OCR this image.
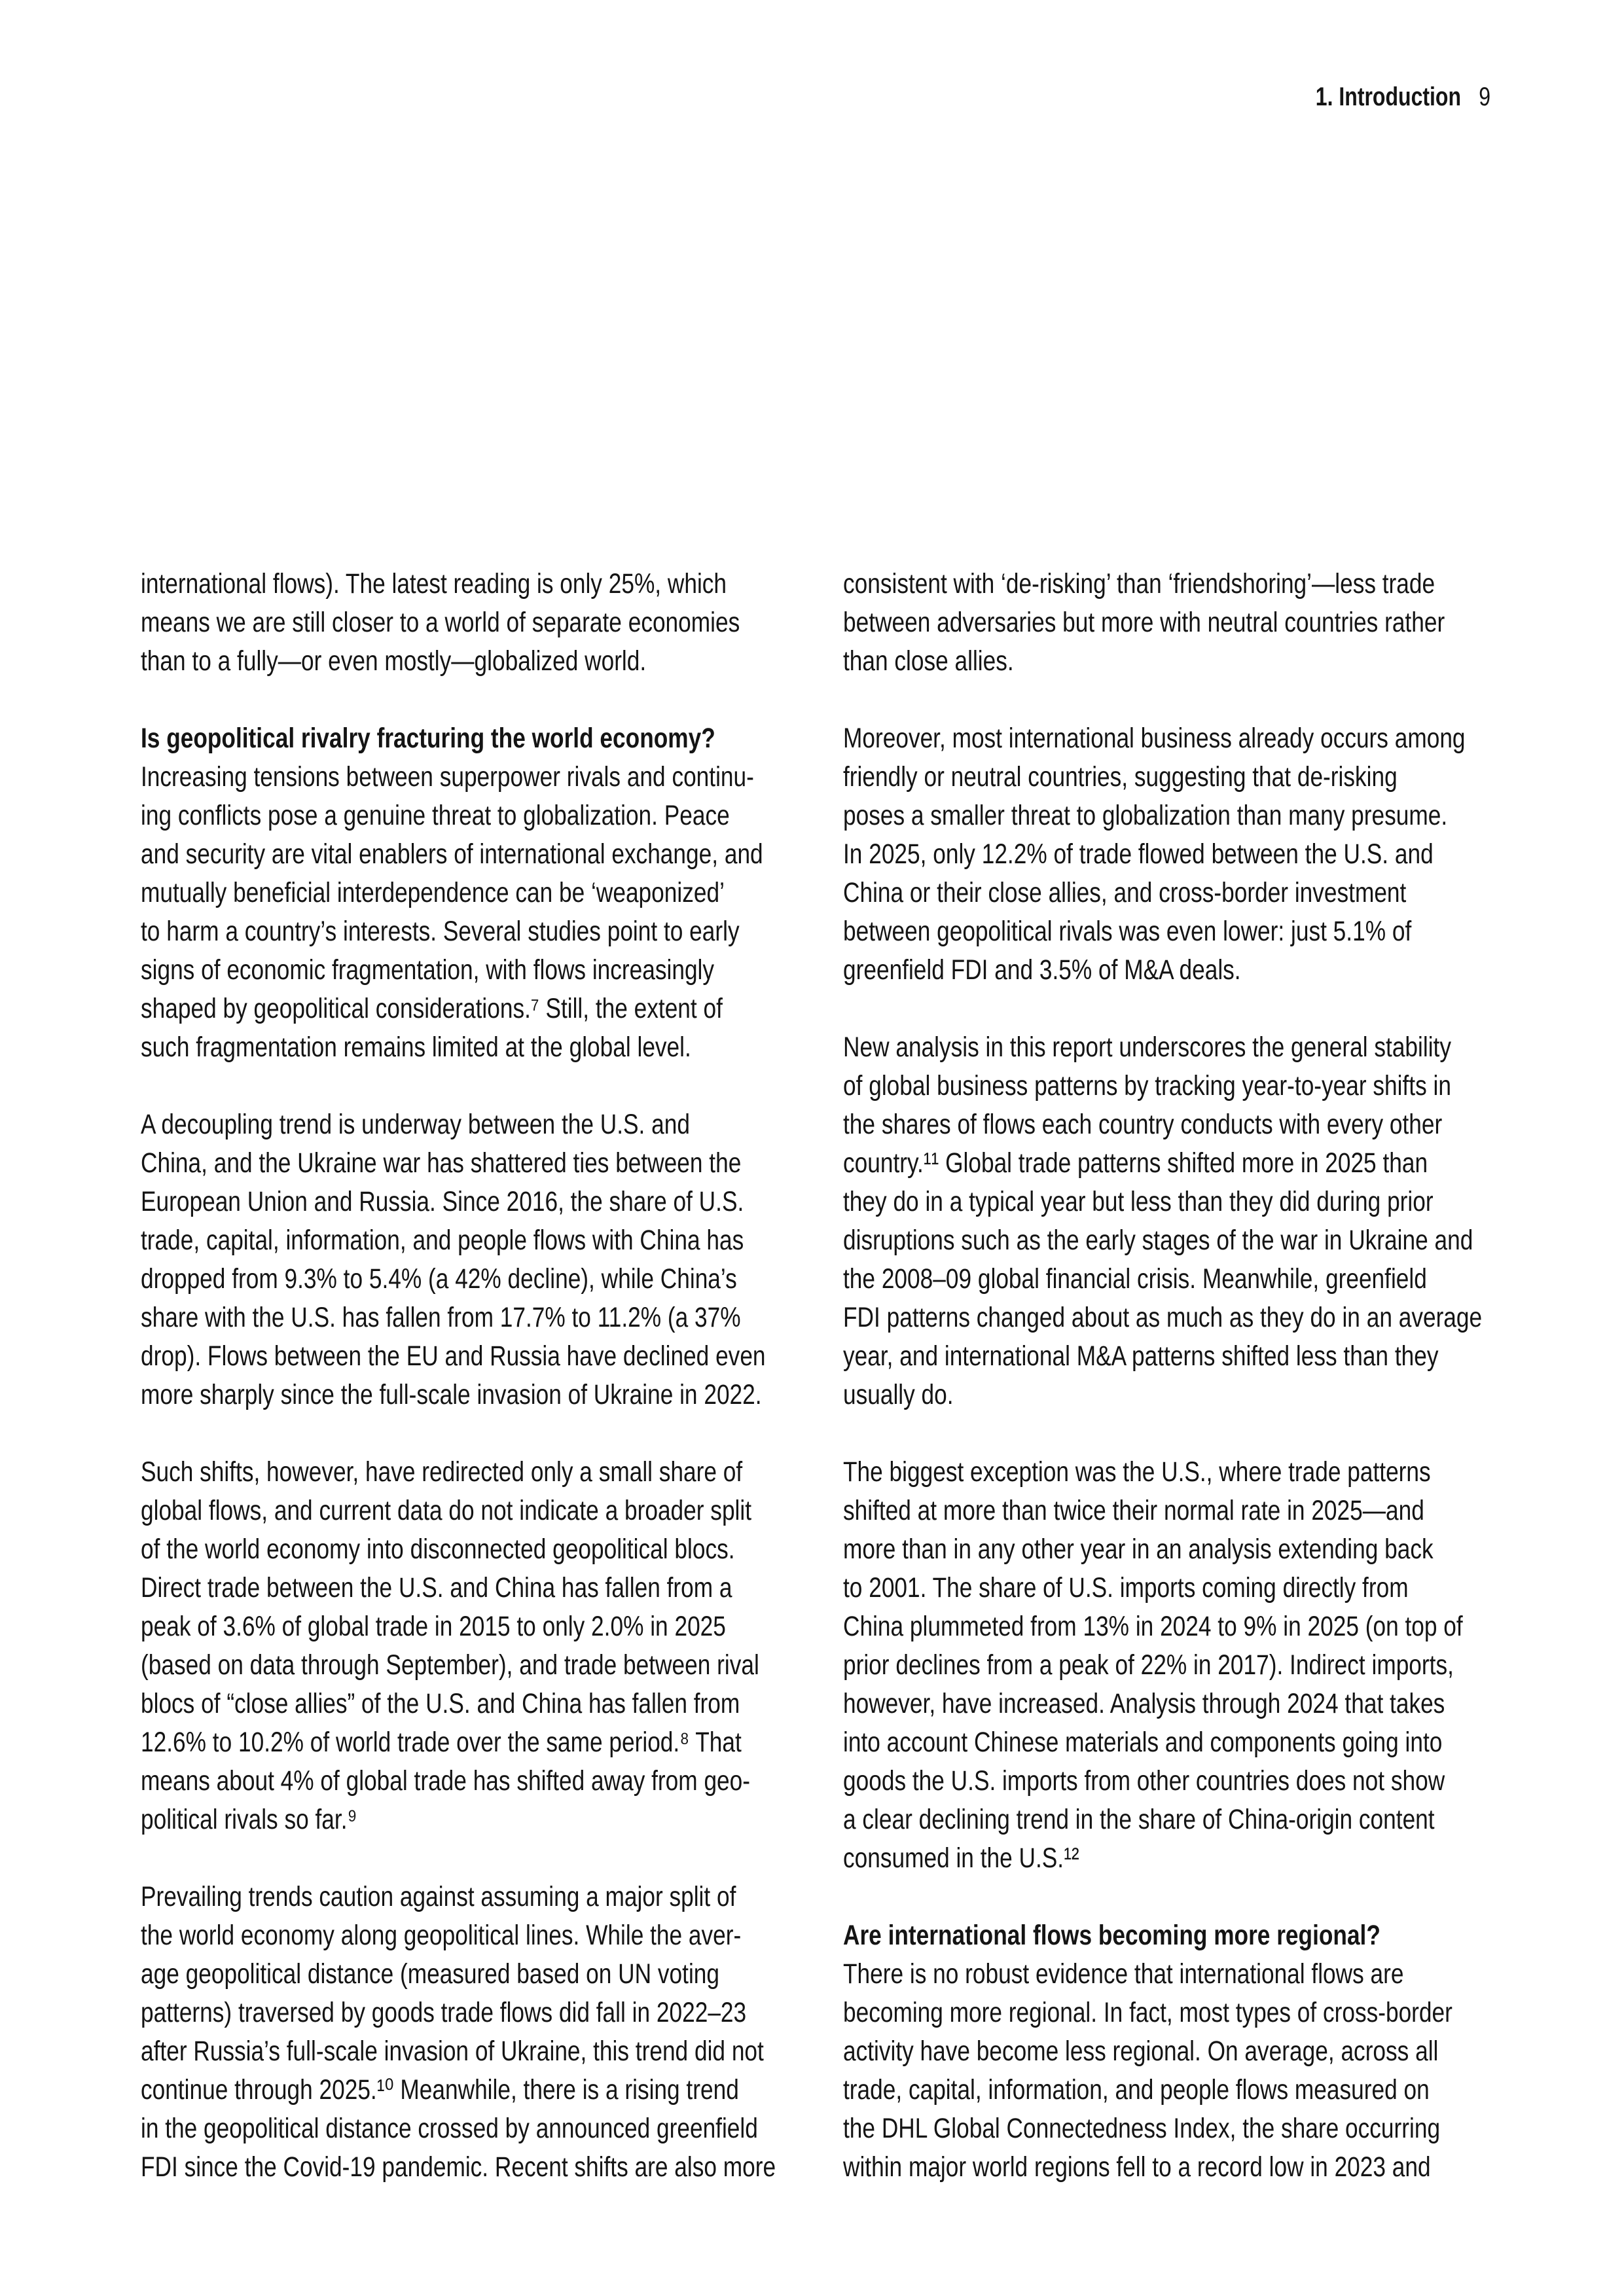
1. Introduction 9
international flows). The latest reading is only 25%, which
means we are still closer to a world of separate economies
than to a fully—or even mostly—globalized world.
Is geopolitical rivalry fracturing the world economy?
Increasing tensions between superpower rivals and continu-
ing conflicts pose a genuine threat to globalization. Peace
and security are vital enablers of international exchange, and
mutually beneficial interdependence can be ‘weaponized’
to harm a country’s interests. Several studies point to early
signs of economic fragmentation, with flows increasingly
shaped by geopolitical considerations.⁷ Still, the extent of
such fragmentation remains limited at the global level.
A decoupling trend is underway between the U.S. and
China, and the Ukraine war has shattered ties between the
European Union and Russia. Since 2016, the share of U.S.
trade, capital, information, and people flows with China has
dropped from 9.3% to 5.4% (a 42% decline), while China’s
share with the U.S. has fallen from 17.7% to 11.2% (a 37%
drop). Flows between the EU and Russia have declined even
more sharply since the full-scale invasion of Ukraine in 2022.
Such shifts, however, have redirected only a small share of
global flows, and current data do not indicate a broader split
of the world economy into disconnected geopolitical blocs.
Direct trade between the U.S. and China has fallen from a
peak of 3.6% of global trade in 2015 to only 2.0% in 2025
(based on data through September), and trade between rival
blocs of “close allies” of the U.S. and China has fallen from
12.6% to 10.2% of world trade over the same period.⁸ That
means about 4% of global trade has shifted away from geo-
political rivals so far.⁹
Prevailing trends caution against assuming a major split of
the world economy along geopolitical lines. While the aver-
age geopolitical distance (measured based on UN voting
patterns) traversed by goods trade flows did fall in 2022–23
after Russia’s full-scale invasion of Ukraine, this trend did not
continue through 2025.¹⁰ Meanwhile, there is a rising trend
in the geopolitical distance crossed by announced greenfield
FDI since the Covid-19 pandemic. Recent shifts are also more
consistent with ‘de-risking’ than ‘friendshoring’—less trade
between adversaries but more with neutral countries rather
than close allies.
Moreover, most international business already occurs among
friendly or neutral countries, suggesting that de-risking
poses a smaller threat to globalization than many presume.
In 2025, only 12.2% of trade flowed between the U.S. and
China or their close allies, and cross-border investment
between geopolitical rivals was even lower: just 5.1% of
greenfield FDI and 3.5% of M&A deals.
New analysis in this report underscores the general stability
of global business patterns by tracking year-to-year shifts in
the shares of flows each country conducts with every other
country.¹¹ Global trade patterns shifted more in 2025 than
they do in a typical year but less than they did during prior
disruptions such as the early stages of the war in Ukraine and
the 2008–09 global financial crisis. Meanwhile, greenfield
FDI patterns changed about as much as they do in an average
year, and international M&A patterns shifted less than they
usually do.
The biggest exception was the U.S., where trade patterns
shifted at more than twice their normal rate in 2025—and
more than in any other year in an analysis extending back
to 2001. The share of U.S. imports coming directly from
China plummeted from 13% in 2024 to 9% in 2025 (on top of
prior declines from a peak of 22% in 2017). Indirect imports,
however, have increased. Analysis through 2024 that takes
into account Chinese materials and components going into
goods the U.S. imports from other countries does not show
a clear declining trend in the share of China-origin content
consumed in the U.S.¹²
Are international flows becoming more regional?
There is no robust evidence that international flows are
becoming more regional. In fact, most types of cross-border
activity have become less regional. On average, across all
trade, capital, information, and people flows measured on
the DHL Global Connectedness Index, the share occurring
within major world regions fell to a record low in 2023 and
